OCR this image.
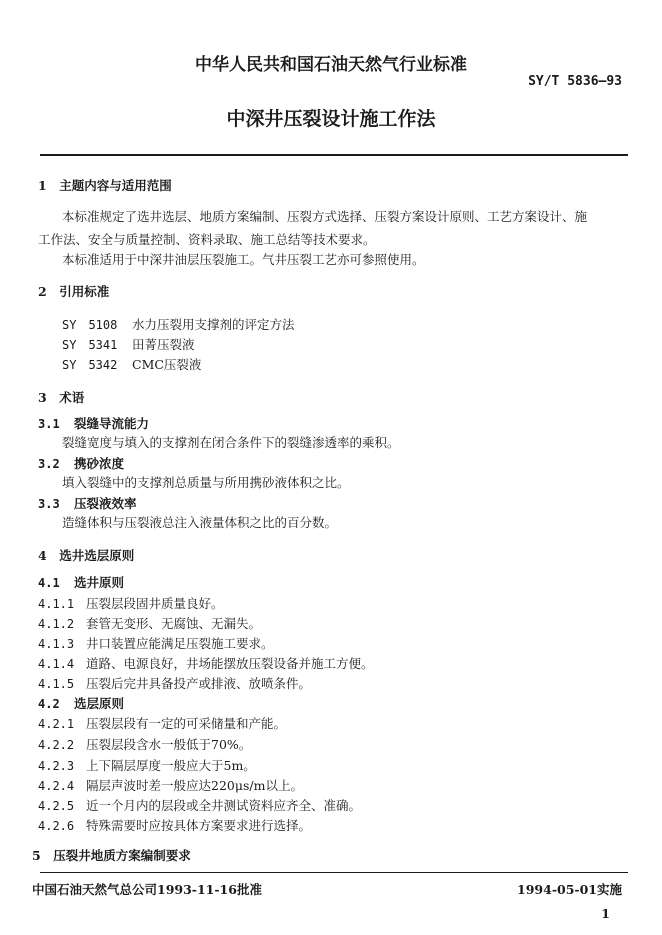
中华人民共和国石油天然气行业标准
SY/T 5836—93
中深井压裂设计施工作法
1　主题内容与适用范围
本标准规定了选井选层、地质方案编制、压裂方式选择、压裂方案设计原则、工艺方案设计、施
工作法、安全与质量控制、资料录取、施工总结等技术要求。
本标准适用于中深井油层压裂施工。气井压裂工艺亦可参照使用。
2　引用标准
SY　5108 水力压裂用支撑剂的评定方法
SY　5341 田菁压裂液
SY　5342 CMC压裂液
3　术语
3.1 裂缝导流能力
裂缝宽度与填入的支撑剂在闭合条件下的裂缝渗透率的乘积。
3.2 携砂浓度
填入裂缝中的支撑剂总质量与所用携砂液体积之比。
3.3 压裂液效率
造缝体积与压裂液总注入液量体积之比的百分数。
4　选井选层原则
4.1 选井原则
4.1.1 压裂层段固井质量良好。
4.1.2 套管无变形、无腐蚀、无漏失。
4.1.3 井口装置应能满足压裂施工要求。
4.1.4 道路、电源良好，井场能摆放压裂设备并施工方便。
4.1.5 压裂后完井具备投产或排液、放喷条件。
4.2 选层原则
4.2.1 压裂层段有一定的可采储量和产能。
4.2.2 压裂层段含水一般低于70%。
4.2.3 上下隔层厚度一般应大于5m。
4.2.4 隔层声波时差一般应达220μs/m以上。
4.2.5 近一个月内的层段或全井测试资料应齐全、准确。
4.2.6 特殊需要时应按具体方案要求进行选择。
5　压裂井地质方案编制要求
中国石油天然气总公司1993-11-16批准	1994-05-01实施
1
